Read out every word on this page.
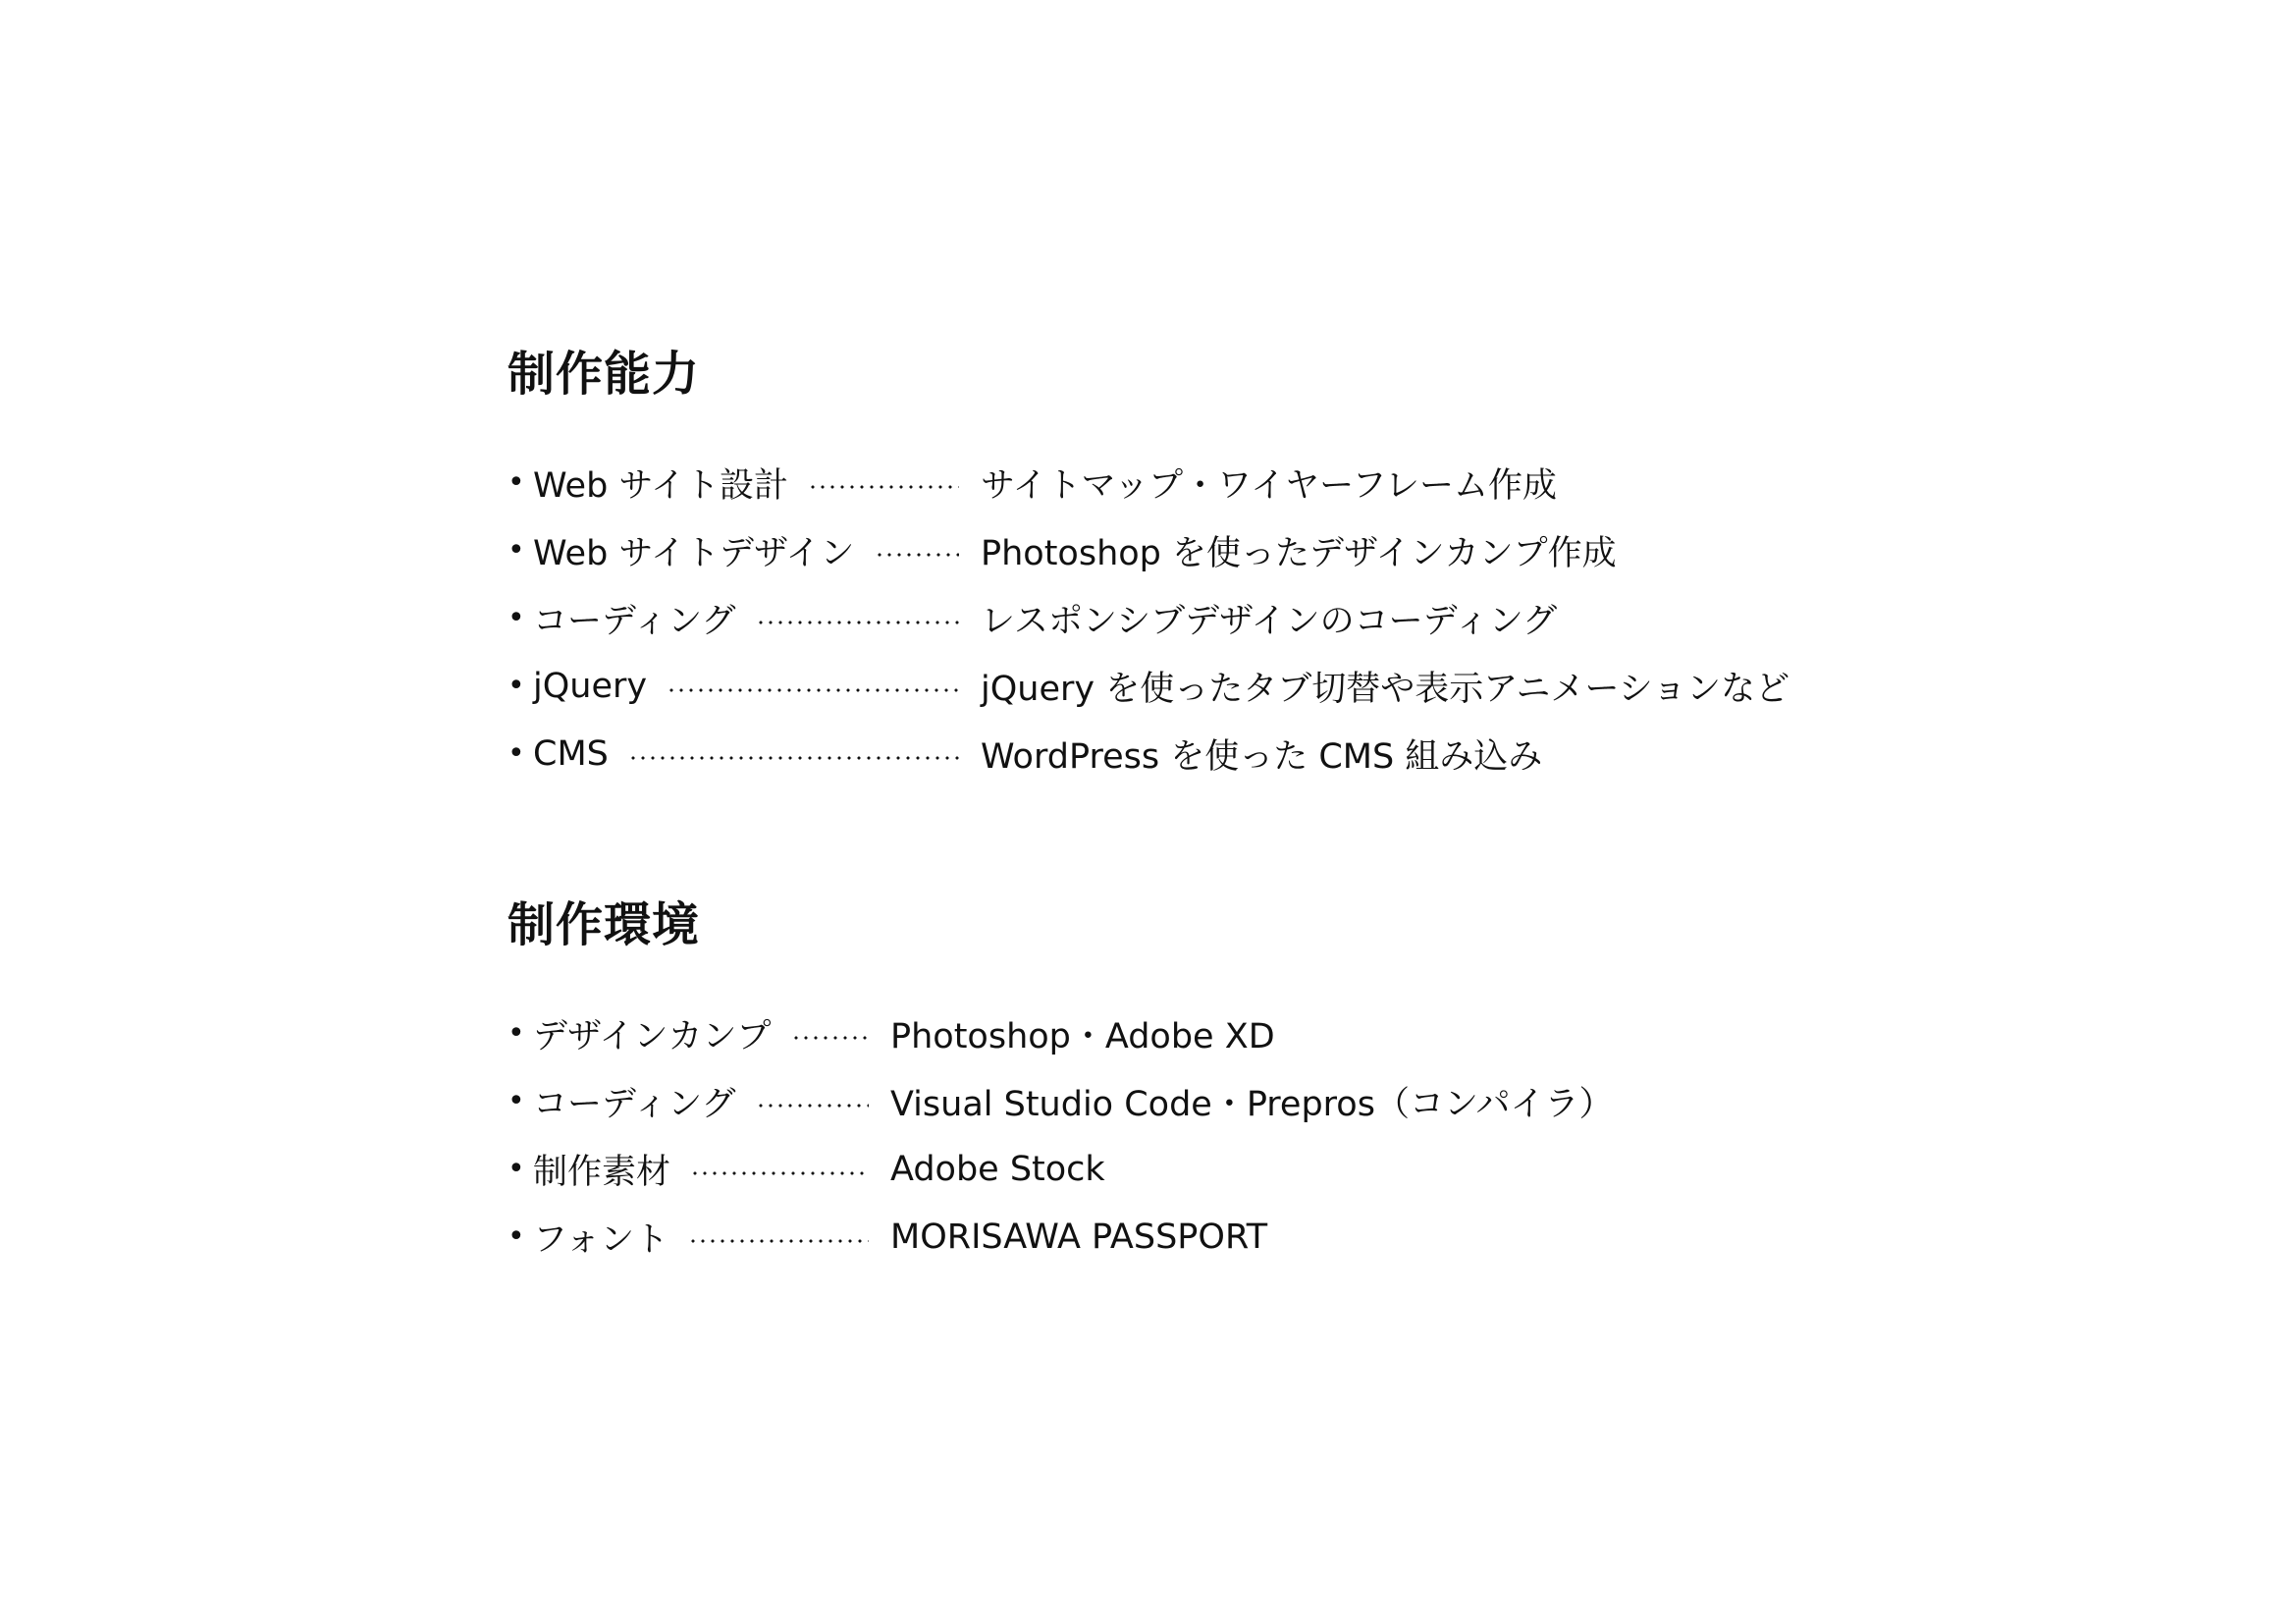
制作能力
• Web サイト設計	サイトマップ・ワイヤーフレーム作成
• Web サイトデザイン	Photoshop を使ったデザインカンプ作成
• コーディング	レスポンシブデザインのコーディング
• jQuery	jQuery を使ったタブ切替や表示アニメーションなど
• CMS	WordPress を使った CMS 組み込み
制作環境
• デザインカンプ	Photoshop・Adobe XD
• コーディング	Visual Studio Code・Prepros（コンパイラ）
• 制作素材	Adobe Stock
• フォント	MORISAWA PASSPORT
